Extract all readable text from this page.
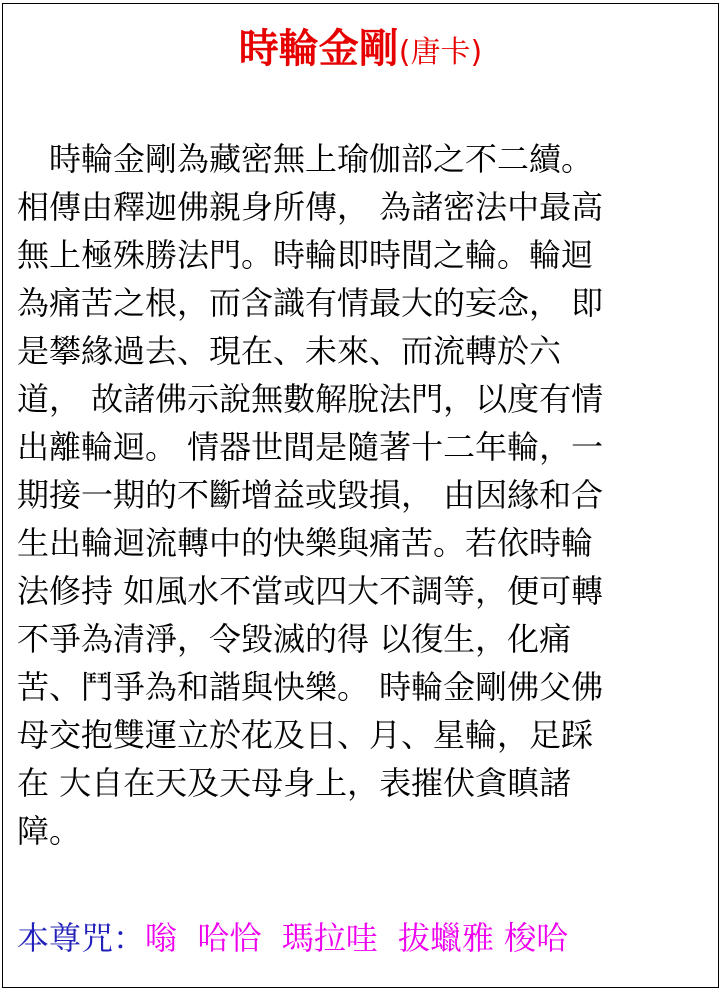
時輪金剛(唐卡)
　時輪金剛為藏密無上瑜伽部之不二續。
相傳由釋迦佛親身所傳， 為諸密法中最高
無上極殊勝法門。時輪即時間之輪。輪迴
為痛苦之根，而含識有情最大的妄念， 即
是攀緣過去、現在、未來、而流轉於六
道， 故諸佛示說無數解脫法門，以度有情
出離輪迴。 情器世間是隨著十二年輪，一
期接一期的不斷增益或毀損， 由因緣和合
生出輪迴流轉中的快樂與痛苦。若依時輪
法修持 如風水不當或四大不調等，便可轉
不爭為清淨，令毀滅的得 以復生，化痛
苦、鬥爭為和諧與快樂。 時輪金剛佛父佛
母交抱雙運立於花及日、月、星輪，足踩
在 大自在天及天母身上，表摧伏貪瞋諸
障。
本尊咒：嗡  哈恰  瑪拉哇  拔蠟雅 梭哈
